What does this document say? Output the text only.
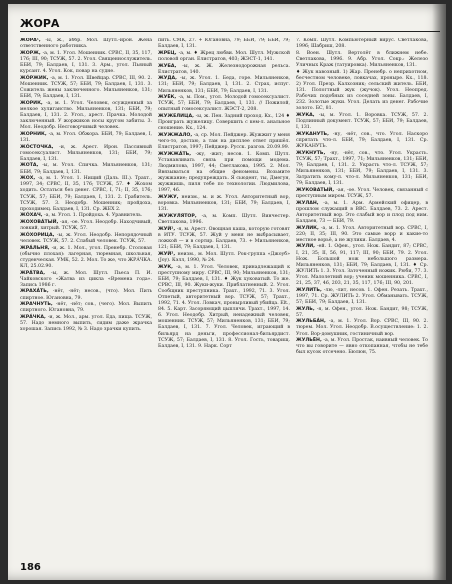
ЖОРА
ЖÓРА¹, -ы, ж., аббр. Мол. Шутл.-ирон. Жена ответственного работника.
ЖОРЖ, -а, м. 1. Угол. Мошенник. СРВС, II, 35, 117, 176; III, 90; ТСУЖ, 57. 2. Угол. Священнослужитель. ББИ, 79; Балдаев, I, 131. 3. Арм., угол. Пьяный курсант. 4. Угол. Кок, повар на судне.
ЖÓРЖИК, -а, м. 1. Угол. Швейцар. СРВС, III, 90. 2. Мошенник. ТСУЖ, 57; ББИ, 79; Балдаев, I, 131. 3. Сожитель жены заключенного. Мильяненков, 131; ББИ, 79; Балдаев, I, 131.
ЖОРИК, -а, м. 1. Угол. Человек, осужденный за мелкое хулиганство. Мильяненков, 131; ББИ, 79; Балдаев, I, 131. 2. Угол., арест. Прачка. Молодой заключенный. У жоржиков носы кругом забиты. 3. Мол. Неодобр. Несговорчивый человек.
ЖОРНИК, -а, м. Угол. Обжора. ББИ, 79; Балдаев, I, 131.
ЖÓСТОЧКА, -и, ж. Арест. Ирон. Пассивный гомосексуалист. Мильяненков, 131; ББИ, 79; Балдаев, I, 131.
ЖОТА, -ы, м. Угол. Спичка. Мильяненков, 131; ББИ, 79; Балдаев, I, 131.
ЖОХ, -а, м. 1. Угол. 1. Нищий (Даль. III.). Трахт., 1997, 34; СРВС, II, 35, 176; ТСУЖ, 57. ♦ Жохом ходить. Остаться без денег. СРВС, I, 71; II, 35, 176; ТСУЖ, 57; ББИ, 79; Балдаев, I, 131. 2. Грабитель. ТСУЖ, 57. 3. Неодобр. Мошенник; пройдоха, проходимец. Балдаев, I, 131. Ср. ЖЕХ 2.
ЖÓХАЧ, -а, м. Угол. 1. Пройдоха. 4. Уравнитель.
ЖОХОВÁТЫЙ, -ая, -ое. Угол. Неодобр. Находчивый, ловкий, хитрый. ТСУЖ, 57.
ЖÓХОРИЦА, -ы, ж. Угол. Неодобр. Непорядочный человек. ТСУЖ, 57. 2. Слабый человек. ТСУЖ, 57.
ЖРÁЛЬНЯ, -и, ж. 1. Мол., угол. Пренебр. Столовая (обычно плохая): лагерная, тюремная, школьная, студенческая. УМК, 52. 2. Мол. То же, что ЖРÁЧКА. КЛ, 25.02.90.
ЖРÁТВА, -ы, ж. Мол. Шутл. Пьеса П. И. Чайковского «Жатва из цикла «Времена года». Запись 1986 г.
ЖРАХÁТЬ, -нёт, -нёт; несов., (что). Мол. Пить спиртное. Югановна, 79.
ЖРАЧНУТЬ, -нёт, -нёт; сов., (чего). Мол. Выпить спиртного. Югановна, 79.
ЖРÁЧКА, -и, ж. Мол., арм. угол. Еда, пища. ТСУЖ, 57. Надо немного выпить, сидим даже жрачка хорошая. Запись 1992, № 3. Надо зрачки купить.
пить. СМК, 27. + Югановна, 79; ББИ, 79; ББИ, 79; Балдаев, I, 131.
ЖРЕЦ, -а, м. ♦ Жрец любви. Мол. Шутл. Мужской половой орган. Елистратов, 403; ЖЭСТ-1, 141.
ЖУБА, -ы, ж. Ж. Железнодорожная рельса. Елистратов, 140.
ЖУДА, -ы, ж. Угол. 1. Беда, горе. Мильяненков, 131; ББИ, 79; Балдаев, I, 131. 2. Страх, испуг. Мильяненков, 131; ББИ, 79; Балдаев, I, 131.
ЖУЁК, -а, м. Пом., угол. Молодой гомосексуалист. ТСУЖ, 57; ББИ, 79; Балдаев, I, 131. // Пожилой, опытный гомосексуалист. ЖЭСТ-2, 208.
ЖУЖЕЛИЦА, -ы, ж. Пен. Задний проход. Кх., 124 ♦ Проиграть жужелицу. Совершить с кем-л. анальное сношение. Кх., 124.
ЖУЖЖАЛО, -а, ср. Мол. Пейджер. Жужжит у меня чего-то, достаю, а там на дисплее ответ пришёл. Елистратов, 1997; Пейджер. Русск. разгов. 20.09.99.
ЖУЖЖÁТЬ, -жу, -жит; несов. 1. Комп. Шутл. Устанавливать связь при помощи модема. Людмилова, 1997, 44; Светлакова, 1995. 2. Мол. Ввязываться на общие феномены. Возьмите жужжание; предупреждать. Я сьюдент, ты, Дмегун, жужжишь, пиля тебе по технологии. Людмилова, 1997, 46.
ЖУЖУ, неизм., м. и ж. Угол. Авторитетный вор, воровка. Мильяненков, 131; ББИ, 79; Балдаев, I, 131.
ЖУЖУЛЯТОР, -а, м. Комп. Шутл. Винчестер. Светлакова, 1996.
ЖУЙ¹, -я, м. Арест. Овощная каша, которую готовят в ИТУ. ТСУЖ, 57. Жуй у меня не выбрасывает, ложкой — и в сортир. Балдаев, 73. + Мильяненков, 121; ББИ, 79; Балдаев, I, 131.
ЖУЙ², неизм., м. Мол. Шутл. Рок-группа «Джоуб» (Joy). Кэлл, 1990, № 24.
ЖУК, -а, м. 1. Угол. Человек, принадлежащий к преступному миру. СРВС, III, 90; Мильяненков, 131; ББИ, 79; Балдаев, I, 131. ♦ Жук хуковатый. То же. СРВС, III, 90. Жуки-жуки. Приблатненный. 2. Угол. Сообщник преступника. Трахт., 1992, 71. 3. Угол. Отпетый, авторитетный вор. ТСУЖ, 57; Трахт., 1992, 71. 4. Угол. Ловкач, пронырливый убийца. Elt., 84. 5. Карт. Засоряющий цыплячи. Трахт., 1997, 14. 6. Угол. Неодобр. Хитрый, ненадежный человек, мошенник. ТСУЖ, 57; Мильяненков, 131; ББИ, 79; Балдаев, I, 131. 7. Угол. Человек, играющий в бильярд на деньги, профессионал-бильярдист. ТСУЖ, 57; Балдаев, I, 131. 8. Угол. Гость, товарищ. Балдаев, I, 131. 9. Нарк. Сорт
7. Комп. Шутл. Компьютерный вирус. Светлакова, 1996; Шабриш, 208.
8. Воен. Шутл. Вертолёт в ближнем небе. Светлакова, 1996. 9. Абр. Угол. Сокр.: Железо Уличных Краж (татуировка). Мильяненков, 131.
♦ Жук навозный. 1) Жар. Пренебр. о неприхотном, бесчестном человеке, ловкачах, проныре. Кх., 118. 2) Угол. Презр. Калхозник; сельский житель. ББИ, 131. Пологтный жук (жучок). Угол. Неопред. Рабочих подобных из соседней зоны. Балдаев, I, 232. Золотые жуки. Угол. Делать из денег. Рабочие золото. БС, 81.
ЖУКА, -ы, м. Угол. 1. Воровка. ТСУЖ, 57. 2. Подлинный документ. ТСУЖ, 57; ББИ, 79; Балдаев, I, 131.
ЖУКАНУТЬ, -ну, -нёт, сов., что. Угол. Наскоро спрятать что-л. ББИ, 79; Балдаев, I, 131. Ср. ЖУКАНУТЬ.
ЖУКНУТЬ, -ну, -нёт, сов., что. Угол. Украсть. ТСУЖ, 57; Трахт., 1997, 71; Мильяненков, 131; ББИ, 79; Балдаев, I, 131. 2. Украсть что-л. ТСУЖ, 57; Мильяненков, 131; ББИ, 79; Балдаев, I, 131. 3. Затратить кому-л. что-л. Мильяненков, 131; ББИ, 79; Балдаев, I, 131.
ЖУКОВАТЫЙ, -ая, -ое. Угол. Человек, связанный с преступным миром. ТСУЖ, 57.
ЖУЛАН, -а, м. 1. Арм. Армейский офицер, в прошлом служащий в ВВС. Балдаев, 73. 2. Арест. Авторитетный вор. Это слабый вор и плод под ним. Балдаев, 73 — ББИ, 79.
ЖУЛИК, -а, м. 1. Угол. Авторитетный вор. СРВС, I, 220; II, 35; III, 90. Это самые ворр и какие-то местное ворьё, а не жулики. Балдаев, 4.
ЖУЛИ, -ей. 1. Офен., угол. Нож. Бандит, 87; СРВС, I, 21, 35; II, 56, 91, 117; III, 90; ББИ, 79. 2. Угол. Нож. Большой нож небольшого размера. Мильяненков, 131; ББИ, 79; Балдаев, I, 131. ♦ Ср. ЖУЛИТЬ 1. 3. Угол. Заточенный ножик. Рюби, 77. 3. Угол. Малолетний вор; ученик мошенника. СРВС, I, 21, 25, 37, 46, 203, 21, 35, 117, 176; III, 90, 201.
ЖУЛИТЬ, -лю, -лит, несов. 1. Офен. Резать. Трахт., 1997, 71. Ср. ЖУЛИТЬ 2. Угол. Обманывать. ТСУЖ, 57; ББИ, 79; Балдаев, I, 131.
ЖУЛЬ, -я, м. Офен., угол. Нож. Бандит, 98; ТСУЖ, 57.
ЖУЛЬБÁН, -а, м. 1. Угол. Вор. СРВС, III, 90. 2. тюрем. Мол. Угол. Неодобр. В.осуществление: 1. 2. Угол. Вор-домушник, гостиничный вор.
ЖУЛЬЁН, -а, м. Угол. Простак, наивный человек. То что вы говорите — явно откопанная, чтобы не тебе был кусок отсечено. Бюлюн, 75.
186
